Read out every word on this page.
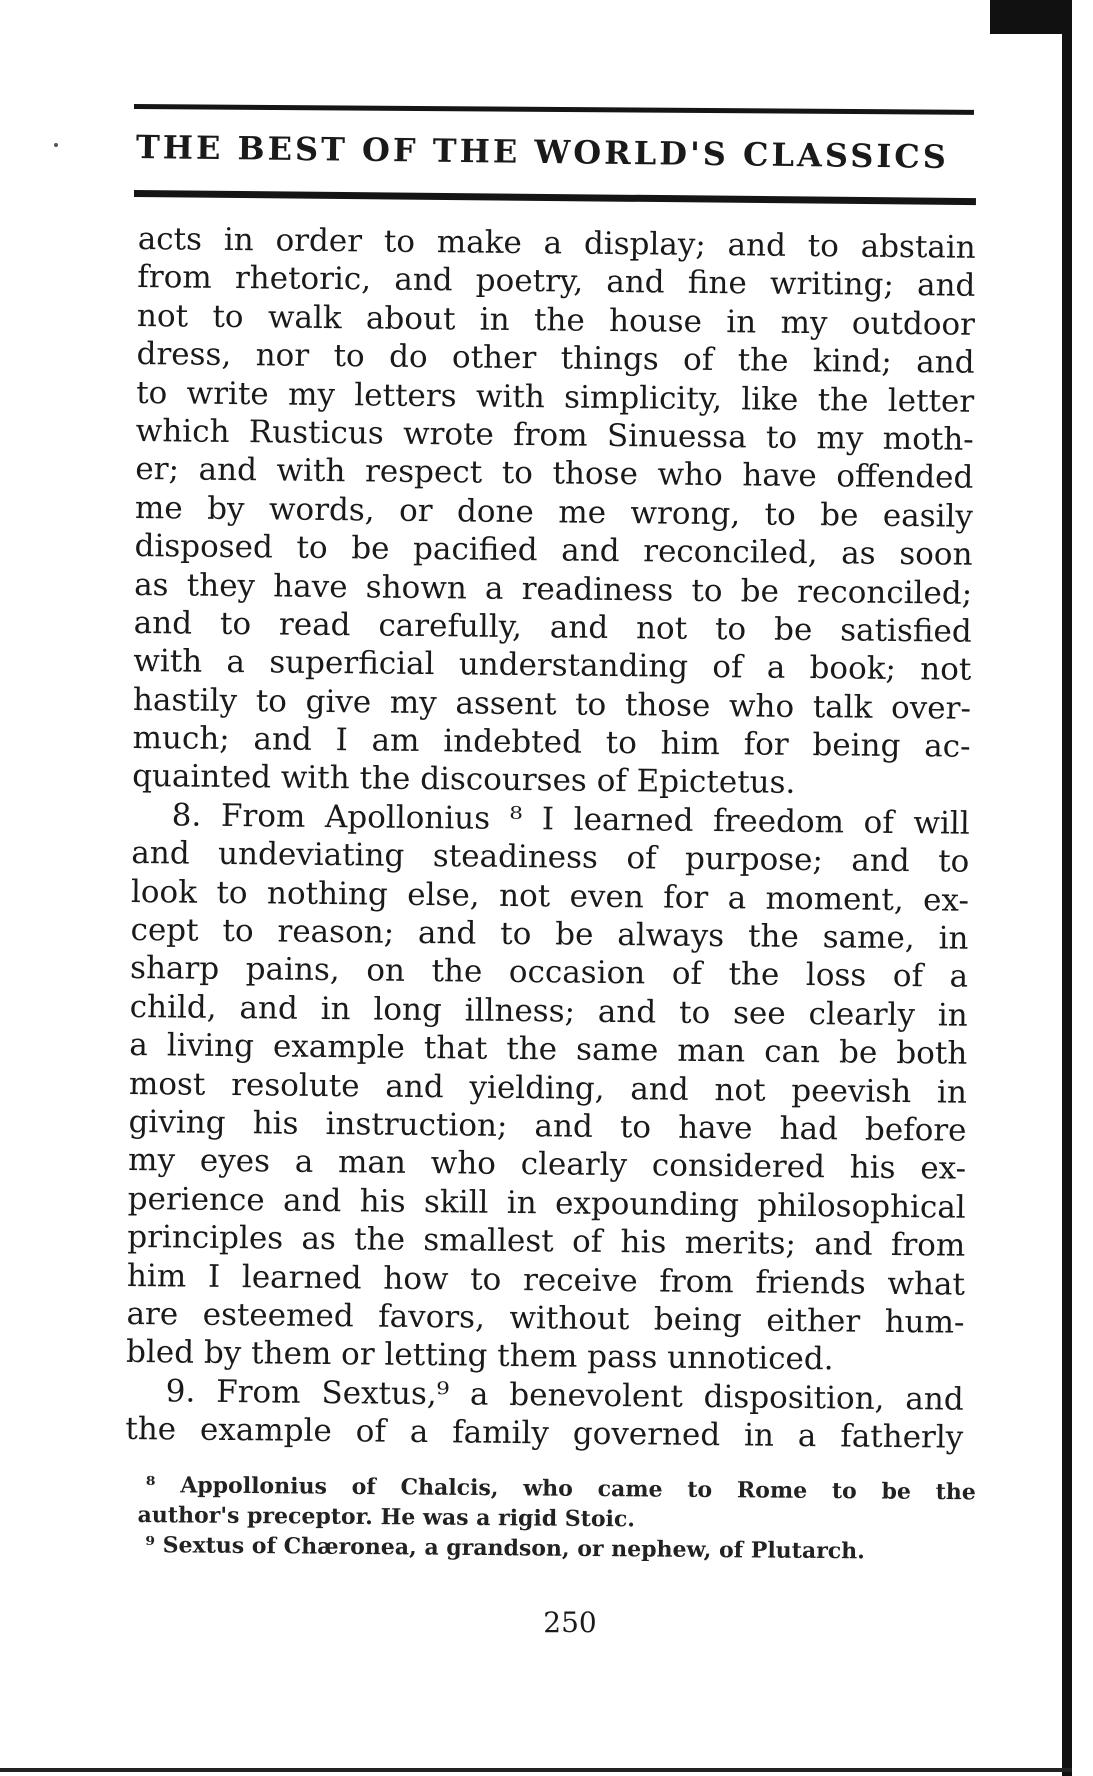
THE BEST OF THE WORLD'S CLASSICS
acts in order to make a display; and to abstain
from rhetoric, and poetry, and fine writing; and
not to walk about in the house in my outdoor
dress, nor to do other things of the kind; and
to write my letters with simplicity, like the letter
which Rusticus wrote from Sinuessa to my moth-
er; and with respect to those who have offended
me by words, or done me wrong, to be easily
disposed to be pacified and reconciled, as soon
as they have shown a readiness to be reconciled;
and to read carefully, and not to be satisfied
with a superficial understanding of a book; not
hastily to give my assent to those who talk over-
much; and I am indebted to him for being ac-
quainted with the discourses of Epictetus.
8. From Apollonius ⁸ I learned freedom of will
and undeviating steadiness of purpose; and to
look to nothing else, not even for a moment, ex-
cept to reason; and to be always the same, in
sharp pains, on the occasion of the loss of a
child, and in long illness; and to see clearly in
a living example that the same man can be both
most resolute and yielding, and not peevish in
giving his instruction; and to have had before
my eyes a man who clearly considered his ex-
perience and his skill in expounding philosophical
principles as the smallest of his merits; and from
him I learned how to receive from friends what
are esteemed favors, without being either hum-
bled by them or letting them pass unnoticed.
9. From Sextus,⁹ a benevolent disposition, and
the example of a family governed in a fatherly
⁸ Appollonius of Chalcis, who came to Rome to be the
author's preceptor. He was a rigid Stoic.
⁹ Sextus of Chæronea, a grandson, or nephew, of Plutarch.
250
